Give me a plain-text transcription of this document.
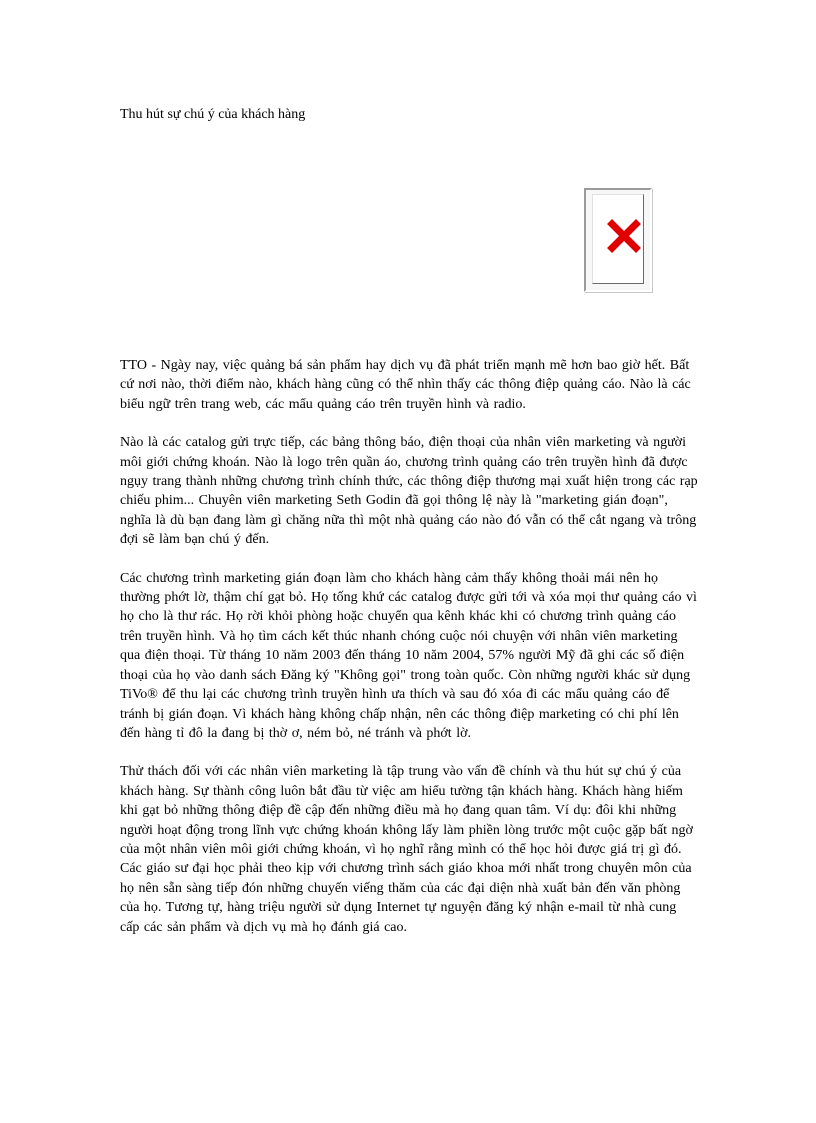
Thu hút sự chú ý của khách hàng

TTO - Ngày nay, việc quảng bá sản phẩm hay dịch vụ đã phát triển mạnh mẽ hơn bao giờ hết. Bất cứ nơi nào, thời điểm nào, khách hàng cũng có thể nhìn thấy các thông điệp quảng cáo. Nào là các biểu ngữ trên trang web, các mẩu quảng cáo trên truyền hình và radio.

Nào là các catalog gửi trực tiếp, các bảng thông báo, điện thoại của nhân viên marketing và người môi giới chứng khoán. Nào là logo trên quần áo, chương trình quảng cáo trên truyền hình đã được ngụy trang thành những chương trình chính thức, các thông điệp thương mại xuất hiện trong các rạp chiếu phim... Chuyên viên marketing Seth Godin đã gọi thông lệ này là "marketing gián đoạn", nghĩa là dù bạn đang làm gì chăng nữa thì một nhà quảng cáo nào đó vẫn có thể cắt ngang và trông đợi sẽ làm bạn chú ý đến.

Các chương trình marketing gián đoạn làm cho khách hàng cảm thấy không thoải mái nên họ thường phớt lờ, thậm chí gạt bỏ. Họ tống khứ các catalog được gửi tới và xóa mọi thư quảng cáo vì họ cho là thư rác. Họ rời khỏi phòng hoặc chuyển qua kênh khác khi có chương trình quảng cáo trên truyền hình. Và họ tìm cách kết thúc nhanh chóng cuộc nói chuyện với nhân viên marketing qua điện thoại. Từ tháng 10 năm 2003 đến tháng 10 năm 2004, 57% người Mỹ đã ghi các số điện thoại của họ vào danh sách Đăng ký "Không gọi" trong toàn quốc. Còn những người khác sử dụng TiVo® để thu lại các chương trình truyền hình ưa thích và sau đó xóa đi các mẩu quảng cáo để tránh bị gián đoạn. Vì khách hàng không chấp nhận, nên các thông điệp marketing có chi phí lên đến hàng tỉ đô la đang bị thờ ơ, ném bỏ, né tránh và phớt lờ.

Thử thách đối với các nhân viên marketing là tập trung vào vấn đề chính và thu hút sự chú ý của khách hàng. Sự thành công luôn bắt đầu từ việc am hiểu tường tận khách hàng. Khách hàng hiếm khi gạt bỏ những thông điệp đề cập đến những điều mà họ đang quan tâm. Ví dụ: đôi khi những người hoạt động trong lĩnh vực chứng khoán không lấy làm phiền lòng trước một cuộc gặp bất ngờ của một nhân viên môi giới chứng khoán, vì họ nghĩ rằng mình có thể học hỏi được giá trị gì đó. Các giáo sư đại học phải theo kịp với chương trình sách giáo khoa mới nhất trong chuyên môn của họ nên sẵn sàng tiếp đón những chuyến viếng thăm của các đại diện nhà xuất bản đến văn phòng của họ. Tương tự, hàng triệu người sử dụng Internet tự nguyện đăng ký nhận e-mail từ nhà cung cấp các sản phẩm và dịch vụ mà họ đánh giá cao.
